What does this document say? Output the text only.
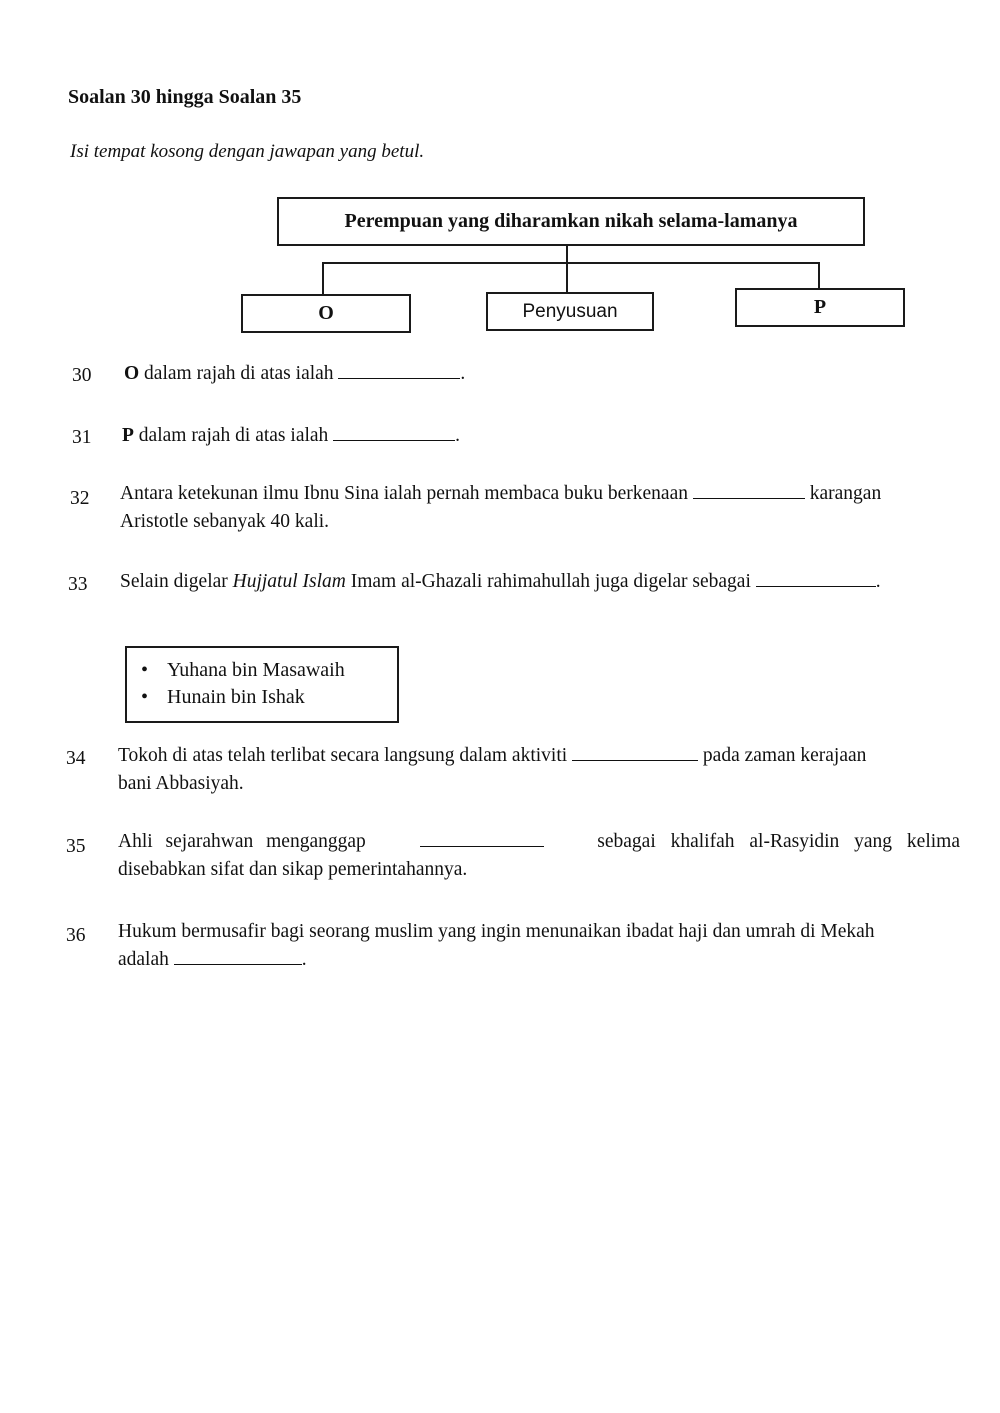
Soalan 30 hingga Soalan 35
Isi tempat kosong dengan jawapan yang betul.
Perempuan yang diharamkan nikah selama-lamanya
O	Penyusuan	P
30 O dalam rajah di atas ialah	.
31 P dalam rajah di atas ialah	.
32 Antara ketekunan ilmu Ibnu Sina ialah pernah membaca buku berkenaan	karangan
Aristotle sebanyak 40 kali.
33 Selain digelar Hujjatul Islam Imam al-Ghazali rahimahullah juga digelar sebagai	.
• Yuhana bin Masawaih
• Hunain bin Ishak
34 Tokoh di atas telah terlibat secara langsung dalam aktiviti	pada zaman kerajaan
bani Abbasiyah.
35 Ahli sejarahwan menganggap	sebagai khalifah al-Rasyidin yang kelima
disebabkan sifat dan sikap pemerintahannya.
36 Hukum bermusafir bagi seorang muslim yang ingin menunaikan ibadat haji dan umrah di Mekah
adalah	.
